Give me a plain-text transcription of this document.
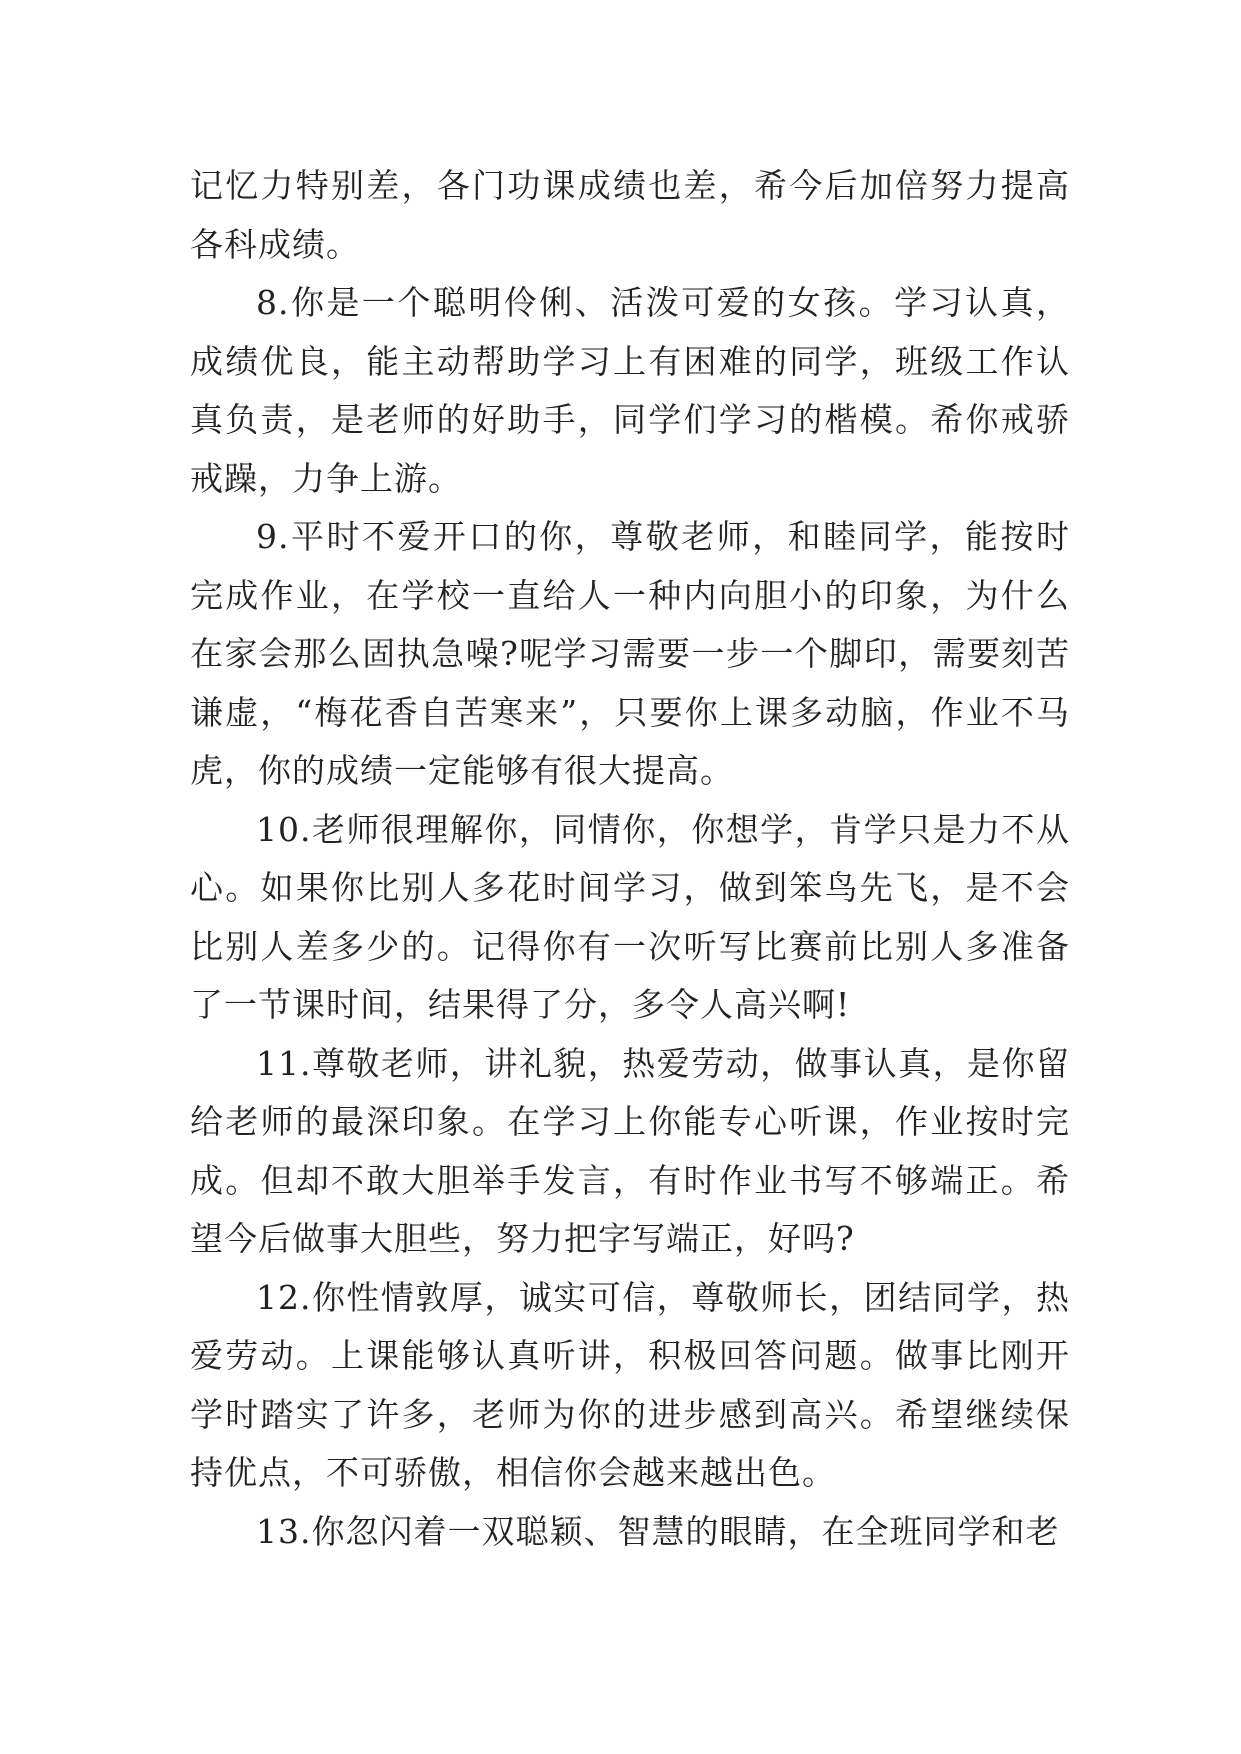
记忆力特别差，各门功课成绩也差，希今后加倍努力提高各科成绩。

8.你是一个聪明伶俐、活泼可爱的女孩。学习认真，成绩优良，能主动帮助学习上有困难的同学，班级工作认真负责，是老师的好助手，同学们学习的楷模。希你戒骄戒躁，力争上游。

9.平时不爱开口的你，尊敬老师，和睦同学，能按时完成作业，在学校一直给人一种内向胆小的印象，为什么在家会那么固执急噪?呢学习需要一步一个脚印，需要刻苦谦虚，“梅花香自苦寒来”，只要你上课多动脑，作业不马虎，你的成绩一定能够有很大提高。

10.老师很理解你，同情你，你想学，肯学只是力不从心。如果你比别人多花时间学习，做到笨鸟先飞，是不会比别人差多少的。记得你有一次听写比赛前比别人多准备了一节课时间，结果得了分，多令人高兴啊!

11.尊敬老师，讲礼貌，热爱劳动，做事认真，是你留给老师的最深印象。在学习上你能专心听课，作业按时完成。但却不敢大胆举手发言，有时作业书写不够端正。希望今后做事大胆些，努力把字写端正，好吗?

12.你性情敦厚，诚实可信，尊敬师长，团结同学，热爱劳动。上课能够认真听讲，积极回答问题。做事比刚开学时踏实了许多，老师为你的进步感到高兴。希望继续保持优点，不可骄傲，相信你会越来越出色。

13.你忽闪着一双聪颖、智慧的眼睛，在全班同学和老
